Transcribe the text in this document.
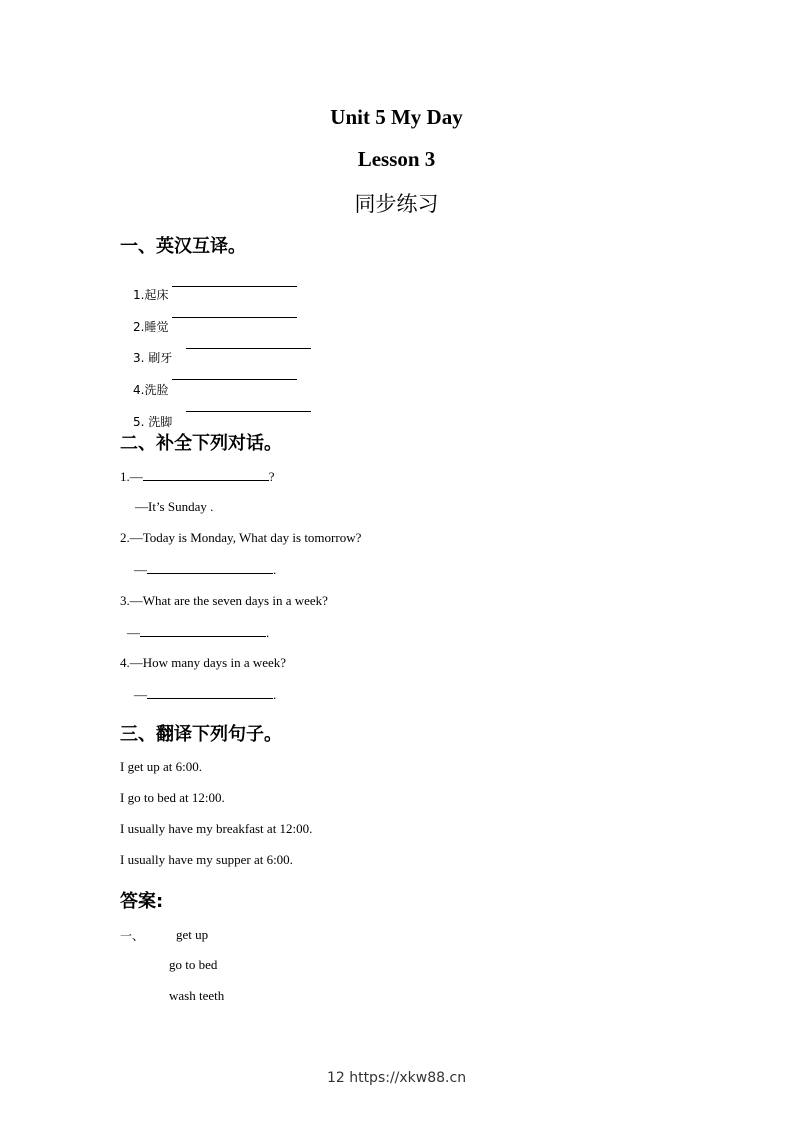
Unit 5 My Day
Lesson 3
同步练习
一、英汉互译。

1.起床

2.睡觉

3. 刷牙

4.洗脸

5. 洗脚

二、补全下列对话。
1.—	?
—It’s Sunday .
2.—Today is Monday, What day is tomorrow?
—	.
3.—What are the seven days in a week?
—	.
4.—How many days in a week?
—	.
三、翻译下列句子。
I get up at 6:00.
I go to bed at 12:00.
I usually have my breakfast at 12:00.
I usually have my supper at 6:00.
答案:
一、 get up
go to bed
wash teeth
12 https://xkw88.cn
